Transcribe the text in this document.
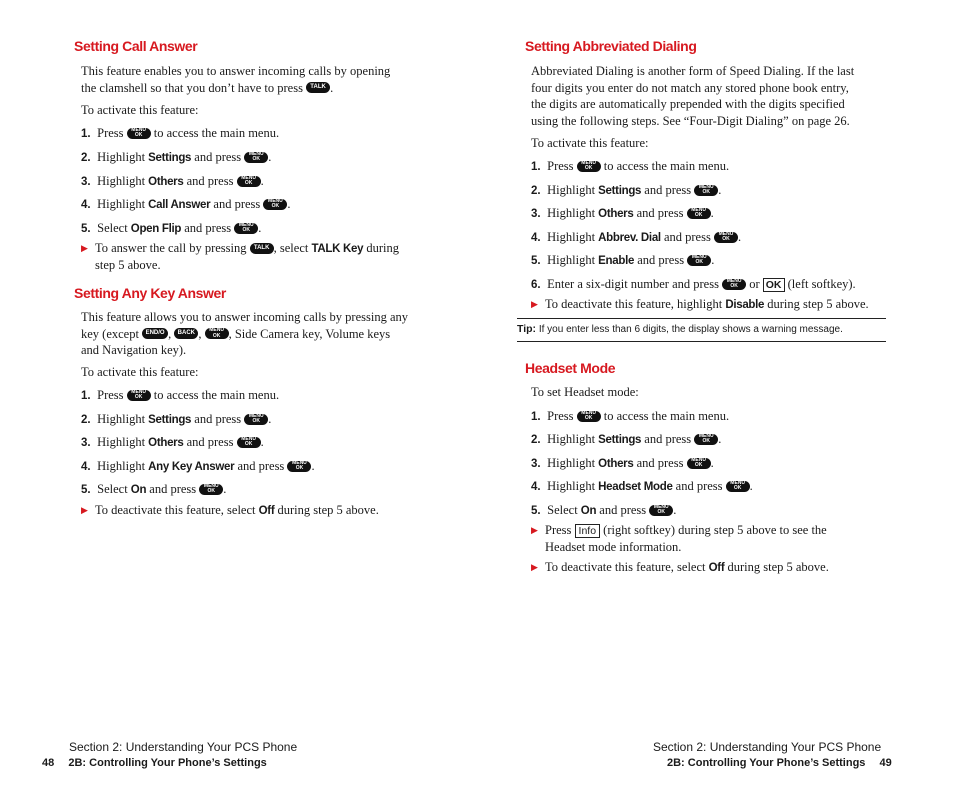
Setting Call Answer

This feature enables you to answer incoming calls by opening
the clamshell so that you don’t have to press TALK .

To activate this feature:

1. Press MENU
OK to access the main menu.
2. Highlight Settings and press MENU
OK .
3. Highlight Others and press MENU
OK .
4. Highlight Call Answer and press MENU
OK .
5. Select Open Flip and press MENU
OK .
▶ To answer the call by pressing TALK , select TALK Key during
step 5 above.
Setting Any Key Answer

This feature allows you to answer incoming calls by pressing any
key (except END/O , BACK , MENU
OK , Side Camera key, Volume keys
and Navigation key).

To activate this feature:

1. Press MENU
OK to access the main menu.
2. Highlight Settings and press MENU
OK .
3. Highlight Others and press MENU
OK .
4. Highlight Any Key Answer and press MENU
OK .
5. Select On and press MENU
OK .
▶ To deactivate this feature, select Off during step 5 above.
Section 2: Understanding Your PCS Phone
48 2B: Controlling Your Phone’s Settings
Setting Abbreviated Dialing

Abbreviated Dialing is another form of Speed Dialing. If the last
four digits you enter do not match any stored phone book entry,
the digits are automatically prepended with the digits specified
using the following steps. See “Four-Digit Dialing” on page 26.

To activate this feature:

1. Press MENU
OK to access the main menu.
2. Highlight Settings and press MENU
OK .
3. Highlight Others and press MENU
OK .
4. Highlight Abbrev. Dial and press MENU
OK .
5. Highlight Enable and press MENU
OK .
6. Enter a six-digit number and press MENU
OK or OK (left softkey).
▶ To deactivate this feature, highlight Disable during step 5 above.
Tip: If you enter less than 6 digits, the display shows a warning message.
Headset Mode

To set Headset mode:

1. Press MENU
OK to access the main menu.
2. Highlight Settings and press MENU
OK .
3. Highlight Others and press MENU
OK .
4. Highlight Headset Mode and press MENU
OK .
5. Select On and press MENU
OK .
▶ Press Info (right softkey) during step 5 above to see the
Headset mode information.
▶ To deactivate this feature, select Off during step 5 above.
Section 2: Understanding Your PCS Phone
2B: Controlling Your Phone’s Settings 49
